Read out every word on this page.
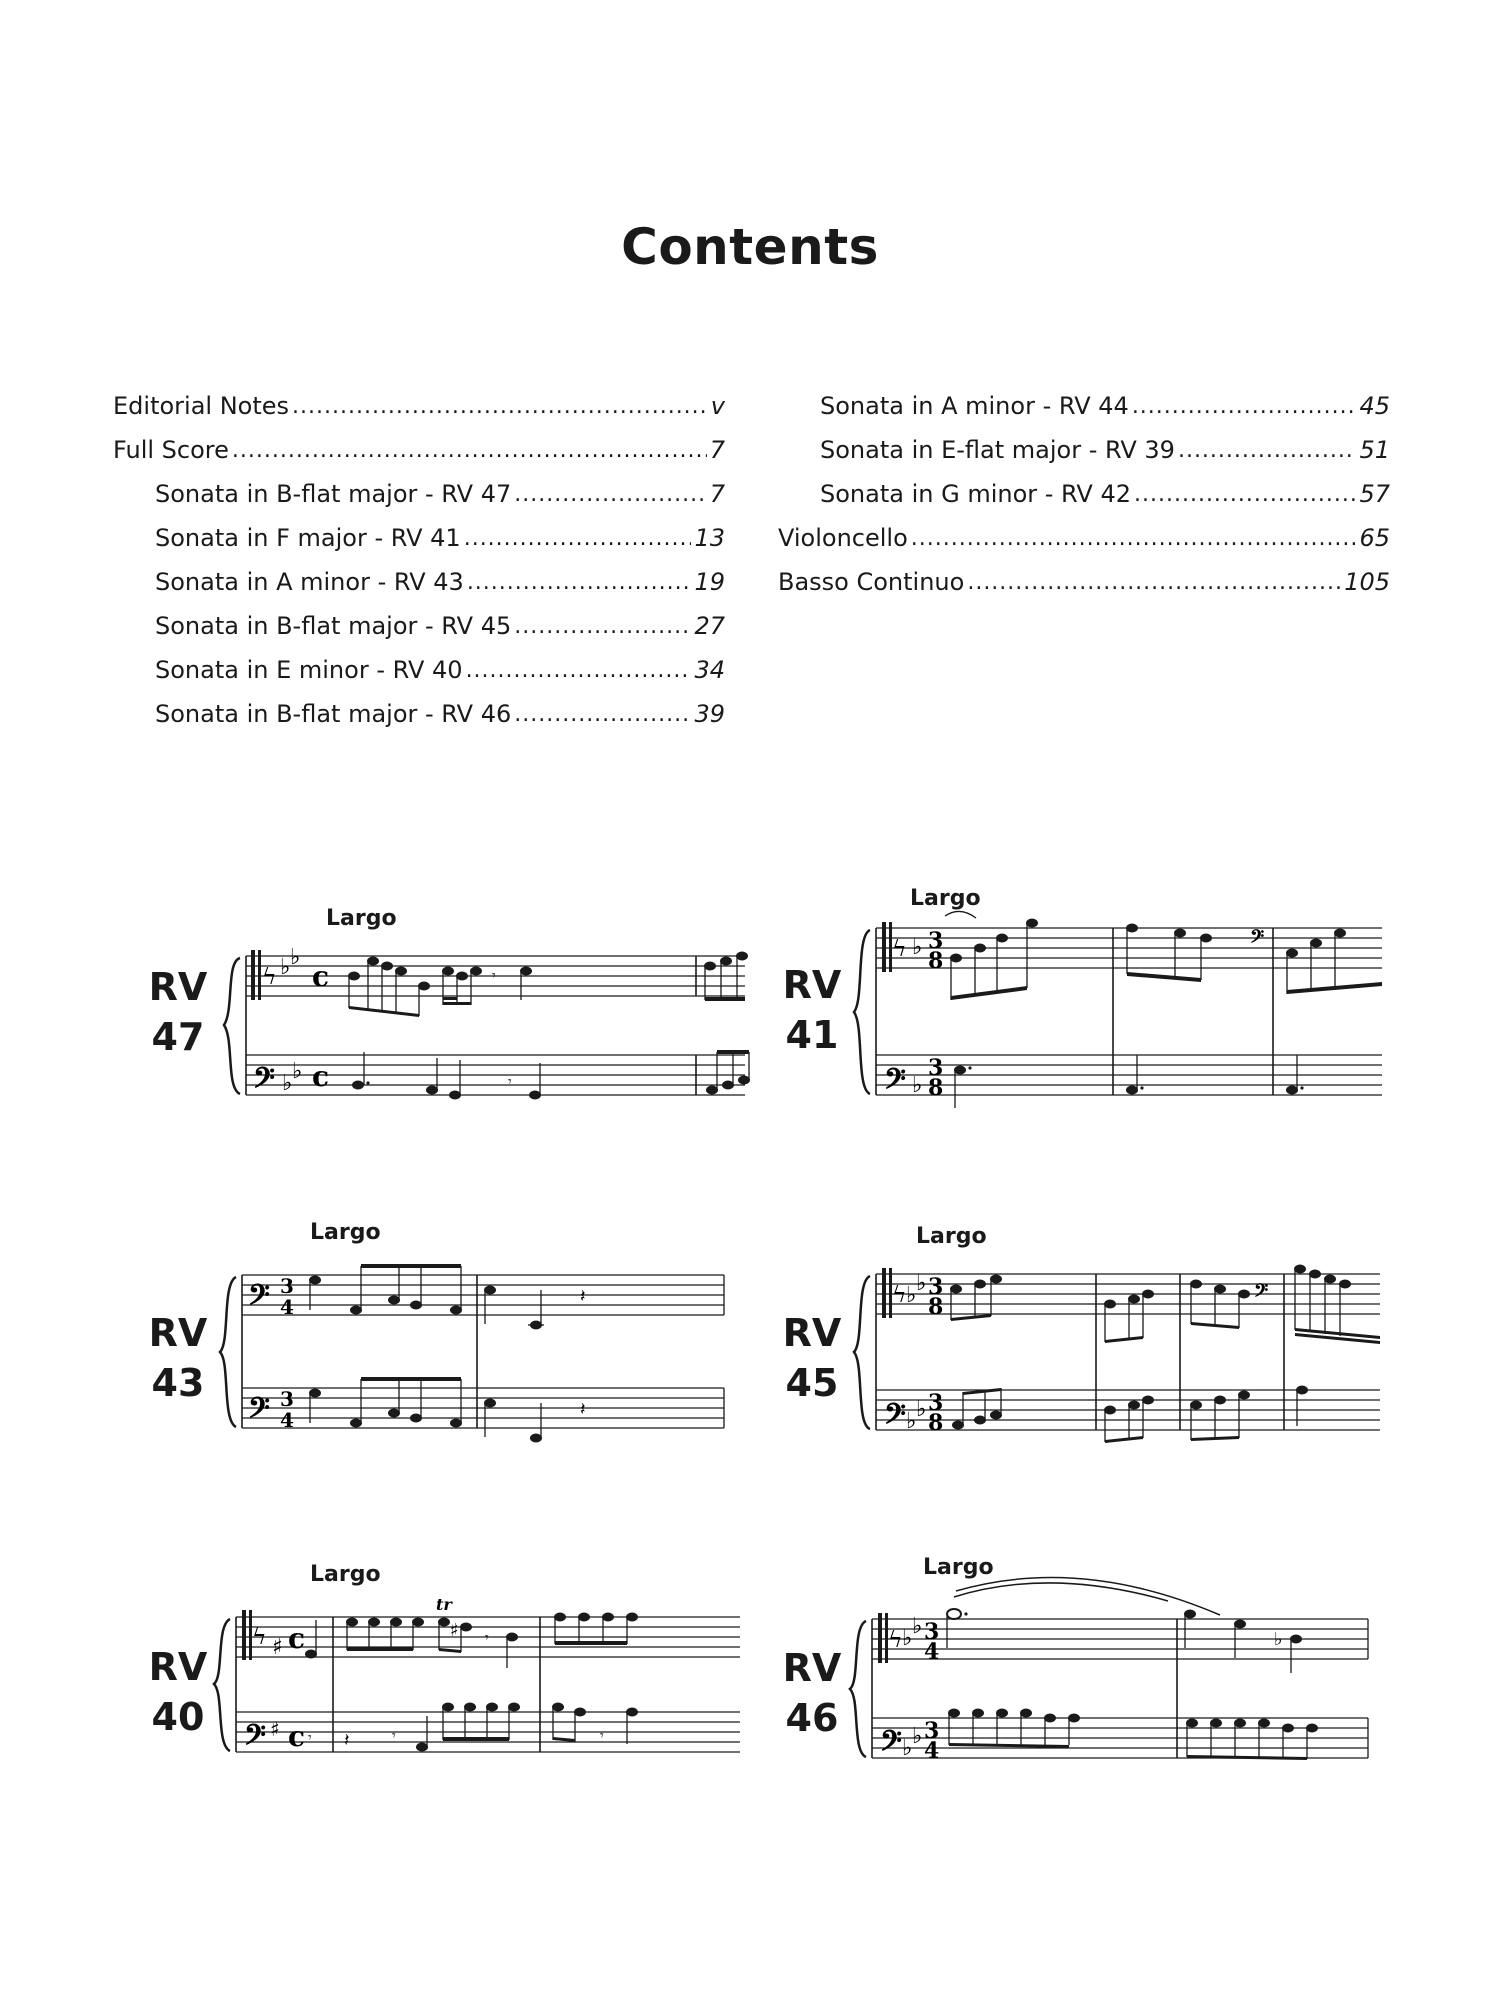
Contents
Editorial Notes .....	v
Full Score .....	7
Sonata in B-flat major - RV 47 .....	7
Sonata in F major - RV 41 .....	13
Sonata in A minor - RV 43 .....	19
Sonata in B-flat major - RV 45 .....	27
Sonata in E minor - RV 40 .....	34
Sonata in B-flat major - RV 46 .....	39
Sonata in A minor - RV 44 .....	45
Sonata in E-flat major - RV 39 .....	51
Sonata in G minor - RV 42 .....	57
Violoncello .....	65
Basso Continuo .....	105
RV
47
Largo
ϟ ♭ ♭
c	𝄾
𝄢 ♭ ♭ c	𝄾
RV
41
Largo
ϟ ♭ 3
8
𝄢
𝄢 ♭
3
8
RV
43
Largo
𝄢 3
4	𝄽
𝄢 3
4	𝄽
RV
45
Largo
ϟ ♭ ♭ 3
8
𝄢
𝄢 ♭ ♭ 3
8
RV
40
Largo
ϟ ♯ c
tr
♯ 𝄾
𝄢 ♯ c 𝄾 𝄽	𝄾	𝄾
RV
46
Largo
ϟ ♭ ♭ 3
4	♭
𝄢 ♭ ♭ 3
4
